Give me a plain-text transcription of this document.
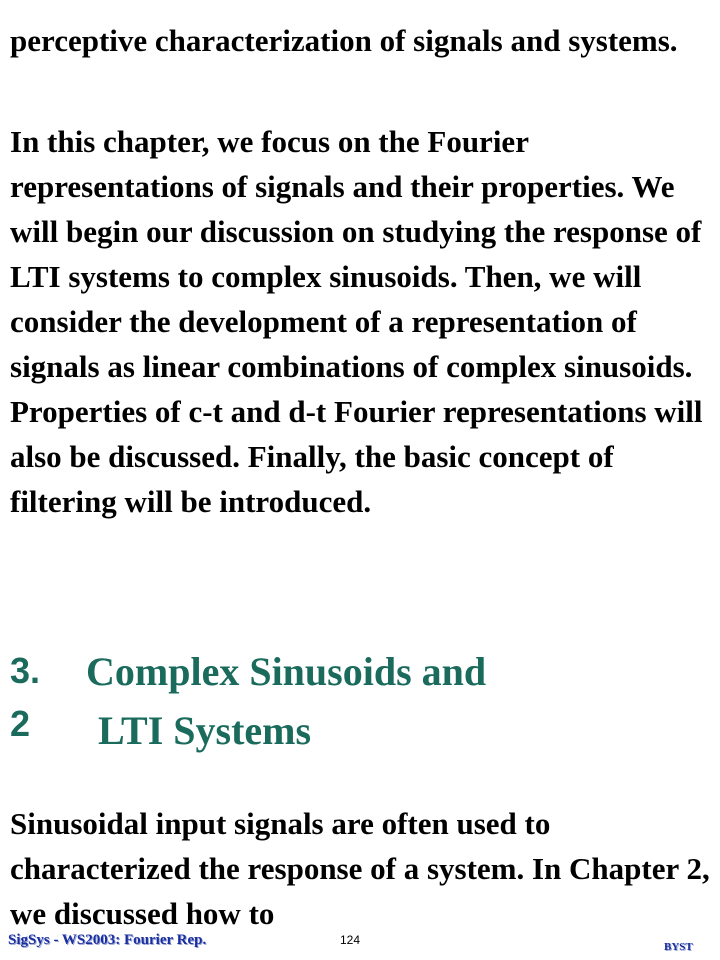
perceptive characterization of signals and systems.

In this chapter, we focus on the Fourier representations of signals and their properties. We will begin our discussion on studying the response of LTI systems to complex sinusoids. Then, we will consider the development of a representation of signals as linear combinations of complex sinusoids. Properties of c-t and d-t Fourier representations will also be discussed. Finally, the basic concept of filtering will be introduced.

3. Complex Sinusoids and
2 LTI Systems

Sinusoidal input signals are often used to characterized the response of a system. In Chapter 2, we discussed how to

SigSys - WS2003: Fourier Rep.	124	BYST
